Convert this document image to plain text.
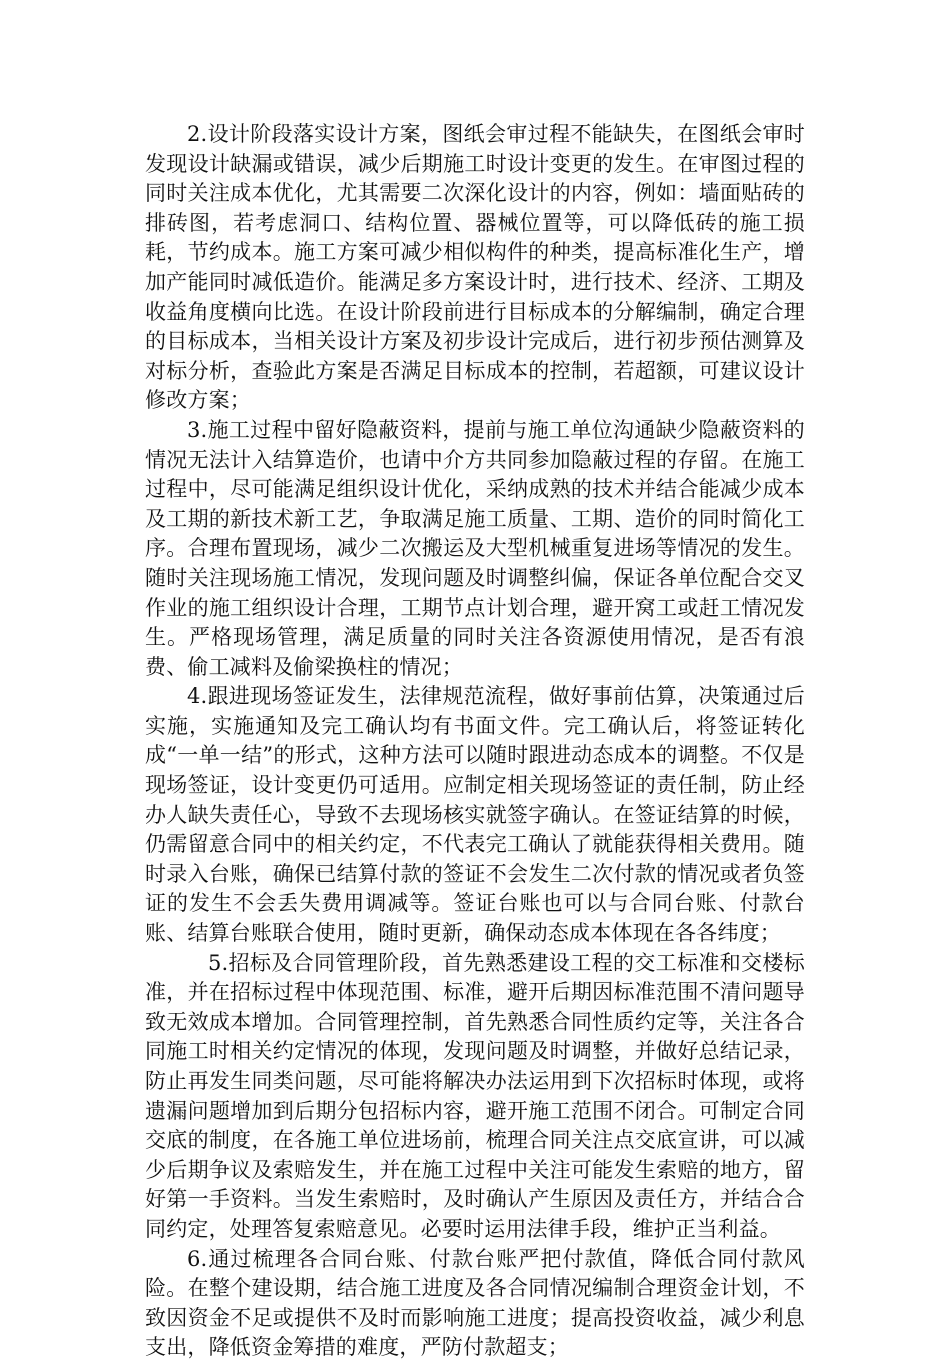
2.设计阶段落实设计方案，图纸会审过程不能缺失，在图纸会审时发现设计缺漏或错误，减少后期施工时设计变更的发生。在审图过程的同时关注成本优化，尤其需要二次深化设计的内容，例如：墙面贴砖的排砖图，若考虑洞口、结构位置、器械位置等，可以降低砖的施工损耗，节约成本。施工方案可减少相似构件的种类，提高标准化生产，增加产能同时减低造价。能满足多方案设计时，进行技术、经济、工期及收益角度横向比选。在设计阶段前进行目标成本的分解编制，确定合理的目标成本，当相关设计方案及初步设计完成后，进行初步预估测算及对标分析，查验此方案是否满足目标成本的控制，若超额，可建议设计修改方案；

3.施工过程中留好隐蔽资料，提前与施工单位沟通缺少隐蔽资料的情况无法计入结算造价，也请中介方共同参加隐蔽过程的存留。在施工过程中，尽可能满足组织设计优化，采纳成熟的技术并结合能减少成本及工期的新技术新工艺，争取满足施工质量、工期、造价的同时简化工序。合理布置现场，减少二次搬运及大型机械重复进场等情况的发生。随时关注现场施工情况，发现问题及时调整纠偏，保证各单位配合交叉作业的施工组织设计合理，工期节点计划合理，避开窝工或赶工情况发生。严格现场管理，满足质量的同时关注各资源使用情况，是否有浪费、偷工减料及偷梁换柱的情况；

4.跟进现场签证发生，法律规范流程，做好事前估算，决策通过后实施，实施通知及完工确认均有书面文件。完工确认后，将签证转化成“一单一结”的形式，这种方法可以随时跟进动态成本的调整。不仅是现场签证，设计变更仍可适用。应制定相关现场签证的责任制，防止经办人缺失责任心，导致不去现场核实就签字确认。在签证结算的时候，仍需留意合同中的相关约定，不代表完工确认了就能获得相关费用。随时录入台账，确保已结算付款的签证不会发生二次付款的情况或者负签证的发生不会丢失费用调减等。签证台账也可以与合同台账、付款台账、结算台账联合使用，随时更新，确保动态成本体现在各各纬度；

5.招标及合同管理阶段，首先熟悉建设工程的交工标准和交楼标准，并在招标过程中体现范围、标准，避开后期因标准范围不清问题导致无效成本增加。合同管理控制，首先熟悉合同性质约定等，关注各合同施工时相关约定情况的体现，发现问题及时调整，并做好总结记录，防止再发生同类问题，尽可能将解决办法运用到下次招标时体现，或将遗漏问题增加到后期分包招标内容，避开施工范围不闭合。可制定合同交底的制度，在各施工单位进场前，梳理合同关注点交底宣讲，可以减少后期争议及索赔发生，并在施工过程中关注可能发生索赔的地方，留好第一手资料。当发生索赔时，及时确认产生原因及责任方，并结合合同约定，处理答复索赔意见。必要时运用法律手段，维护正当利益。

6.通过梳理各合同台账、付款台账严把付款值，降低合同付款风险。在整个建设期，结合施工进度及各合同情况编制合理资金计划，不致因资金不足或提供不及时而影响施工进度；提高投资收益，减少利息支出，降低资金筹措的难度，严防付款超支；
